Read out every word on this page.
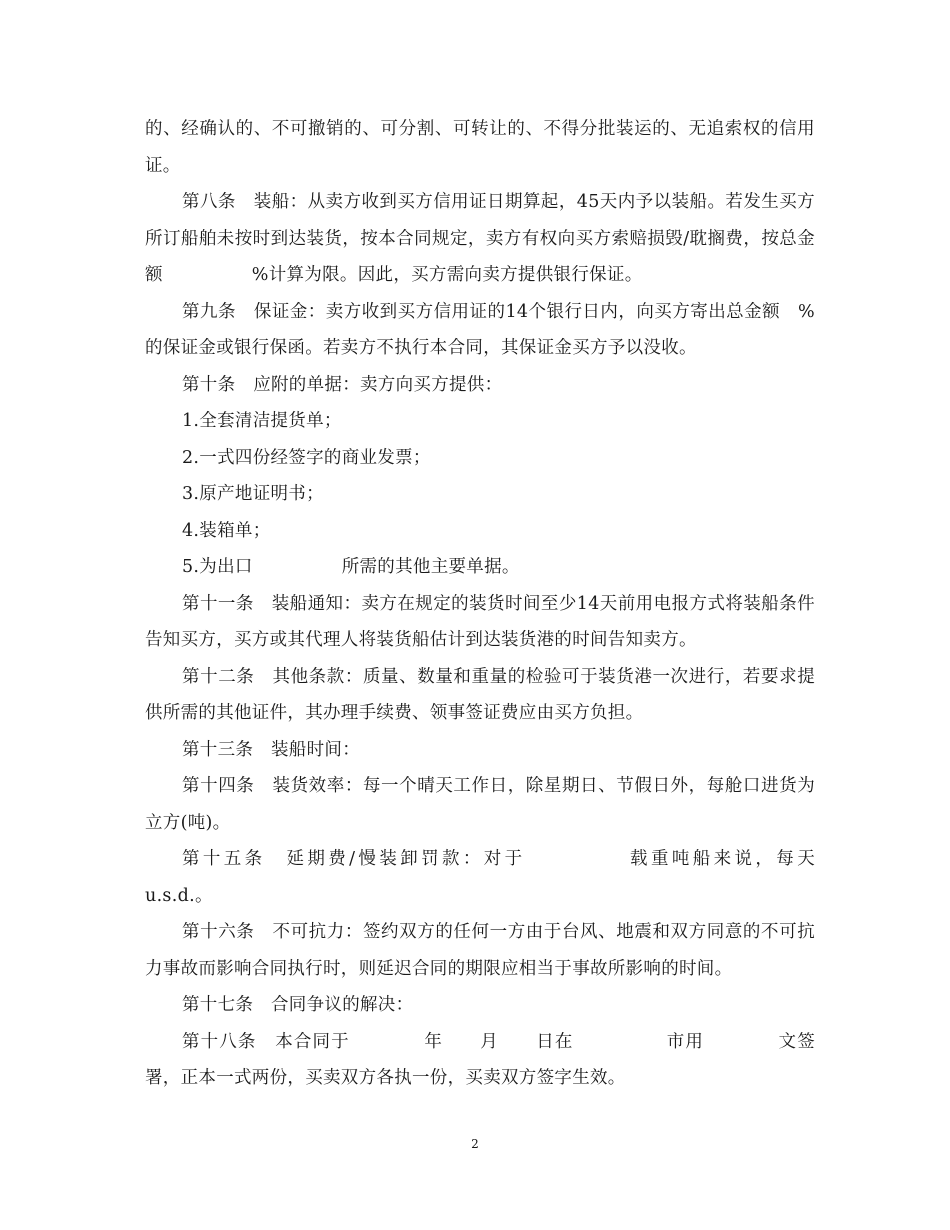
的、经确认的、不可撤销的、可分割、可转让的、不得分批装运的、无追索权的信用证。

第八条　装船：从卖方收到买方信用证日期算起，45天内予以装船。若发生买方所订船舶未按时到达装货，按本合同规定，卖方有权向买方索赔损毁/耽搁费，按总金额　　　　　%计算为限。因此，买方需向卖方提供银行保证。

第九条　保证金：卖方收到买方信用证的14个银行日内，向买方寄出总金额　%的保证金或银行保函。若卖方不执行本合同，其保证金买方予以没收。

第十条　应附的单据：卖方向买方提供：

1.全套清洁提货单；

2.一式四份经签字的商业发票；

3.原产地证明书；

4.装箱单；

5.为出口　　　　　所需的其他主要单据。

第十一条　装船通知：卖方在规定的装货时间至少14天前用电报方式将装船条件告知买方，买方或其代理人将装货船估计到达装货港的时间告知卖方。

第十二条　其他条款：质量、数量和重量的检验可于装货港一次进行，若要求提供所需的其他证件，其办理手续费、领事签证费应由买方负担。

第十三条　装船时间：

第十四条　装货效率：每一个晴天工作日，除星期日、节假日外，每舱口进货为　　　　　立方(吨)。

第十五条　延期费/慢装卸罚款：对于　　　　　载重吨船来说，每天　　　　　u.s.d.。

第十六条　不可抗力：签约双方的任何一方由于台风、地震和双方同意的不可抗力事故而影响合同执行时，则延迟合同的期限应相当于事故所影响的时间。

第十七条　合同争议的解决：

第十八条　本合同于　　　　年　　月　　日在　　　　　市用　　　　文签署，正本一式两份，买卖双方各执一份，买卖双方签字生效。

2
